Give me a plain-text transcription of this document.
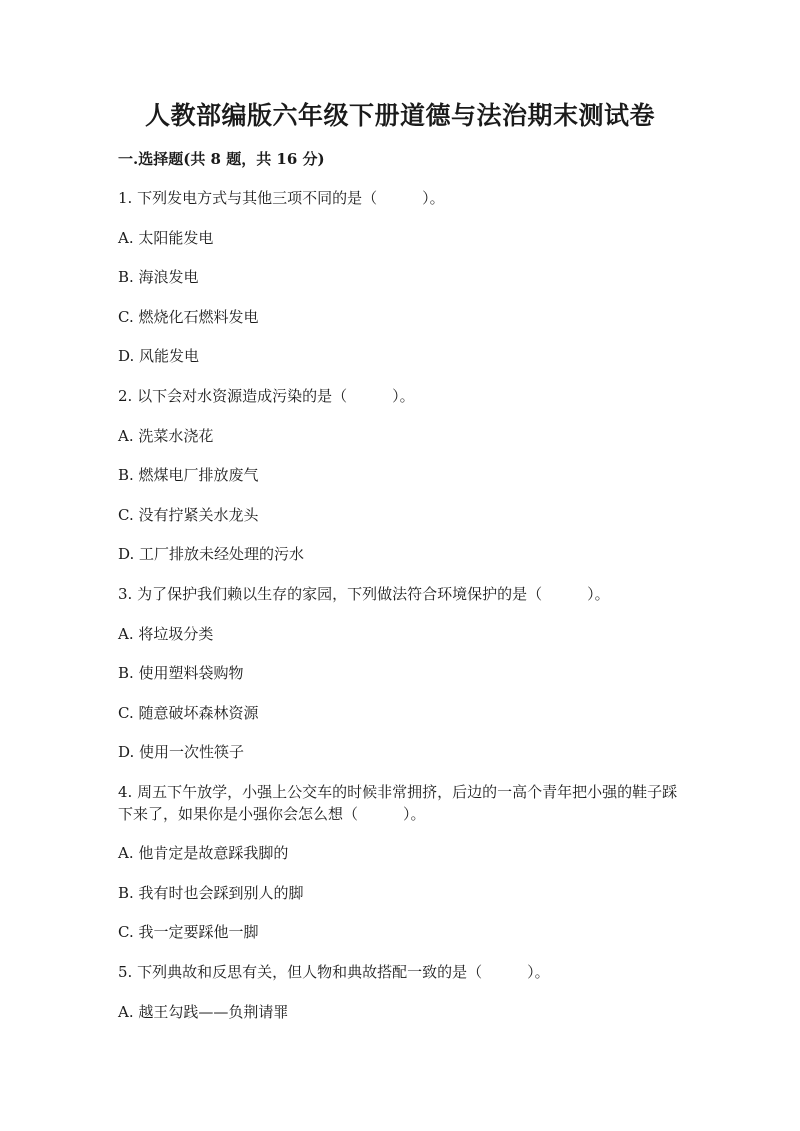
人教部编版六年级下册道德与法治期末测试卷
一.选择题(共 8 题，共 16 分)
1. 下列发电方式与其他三项不同的是（　　　）。
A. 太阳能发电
B. 海浪发电
C. 燃烧化石燃料发电
D. 风能发电
2. 以下会对水资源造成污染的是（　　　）。
A. 洗菜水浇花
B. 燃煤电厂排放废气
C. 没有拧紧关水龙头
D. 工厂排放未经处理的污水
3. 为了保护我们赖以生存的家园，下列做法符合环境保护的是（　　　）。
A. 将垃圾分类
B. 使用塑料袋购物
C. 随意破坏森林资源
D. 使用一次性筷子
4. 周五下午放学，小强上公交车的时候非常拥挤，后边的一高个青年把小强的鞋子踩下来了，如果你是小强你会怎么想（　　　）。
A. 他肯定是故意踩我脚的
B. 我有时也会踩到别人的脚
C. 我一定要踩他一脚
5. 下列典故和反思有关，但人物和典故搭配一致的是（　　　）。
A. 越王勾践——负荆请罪
